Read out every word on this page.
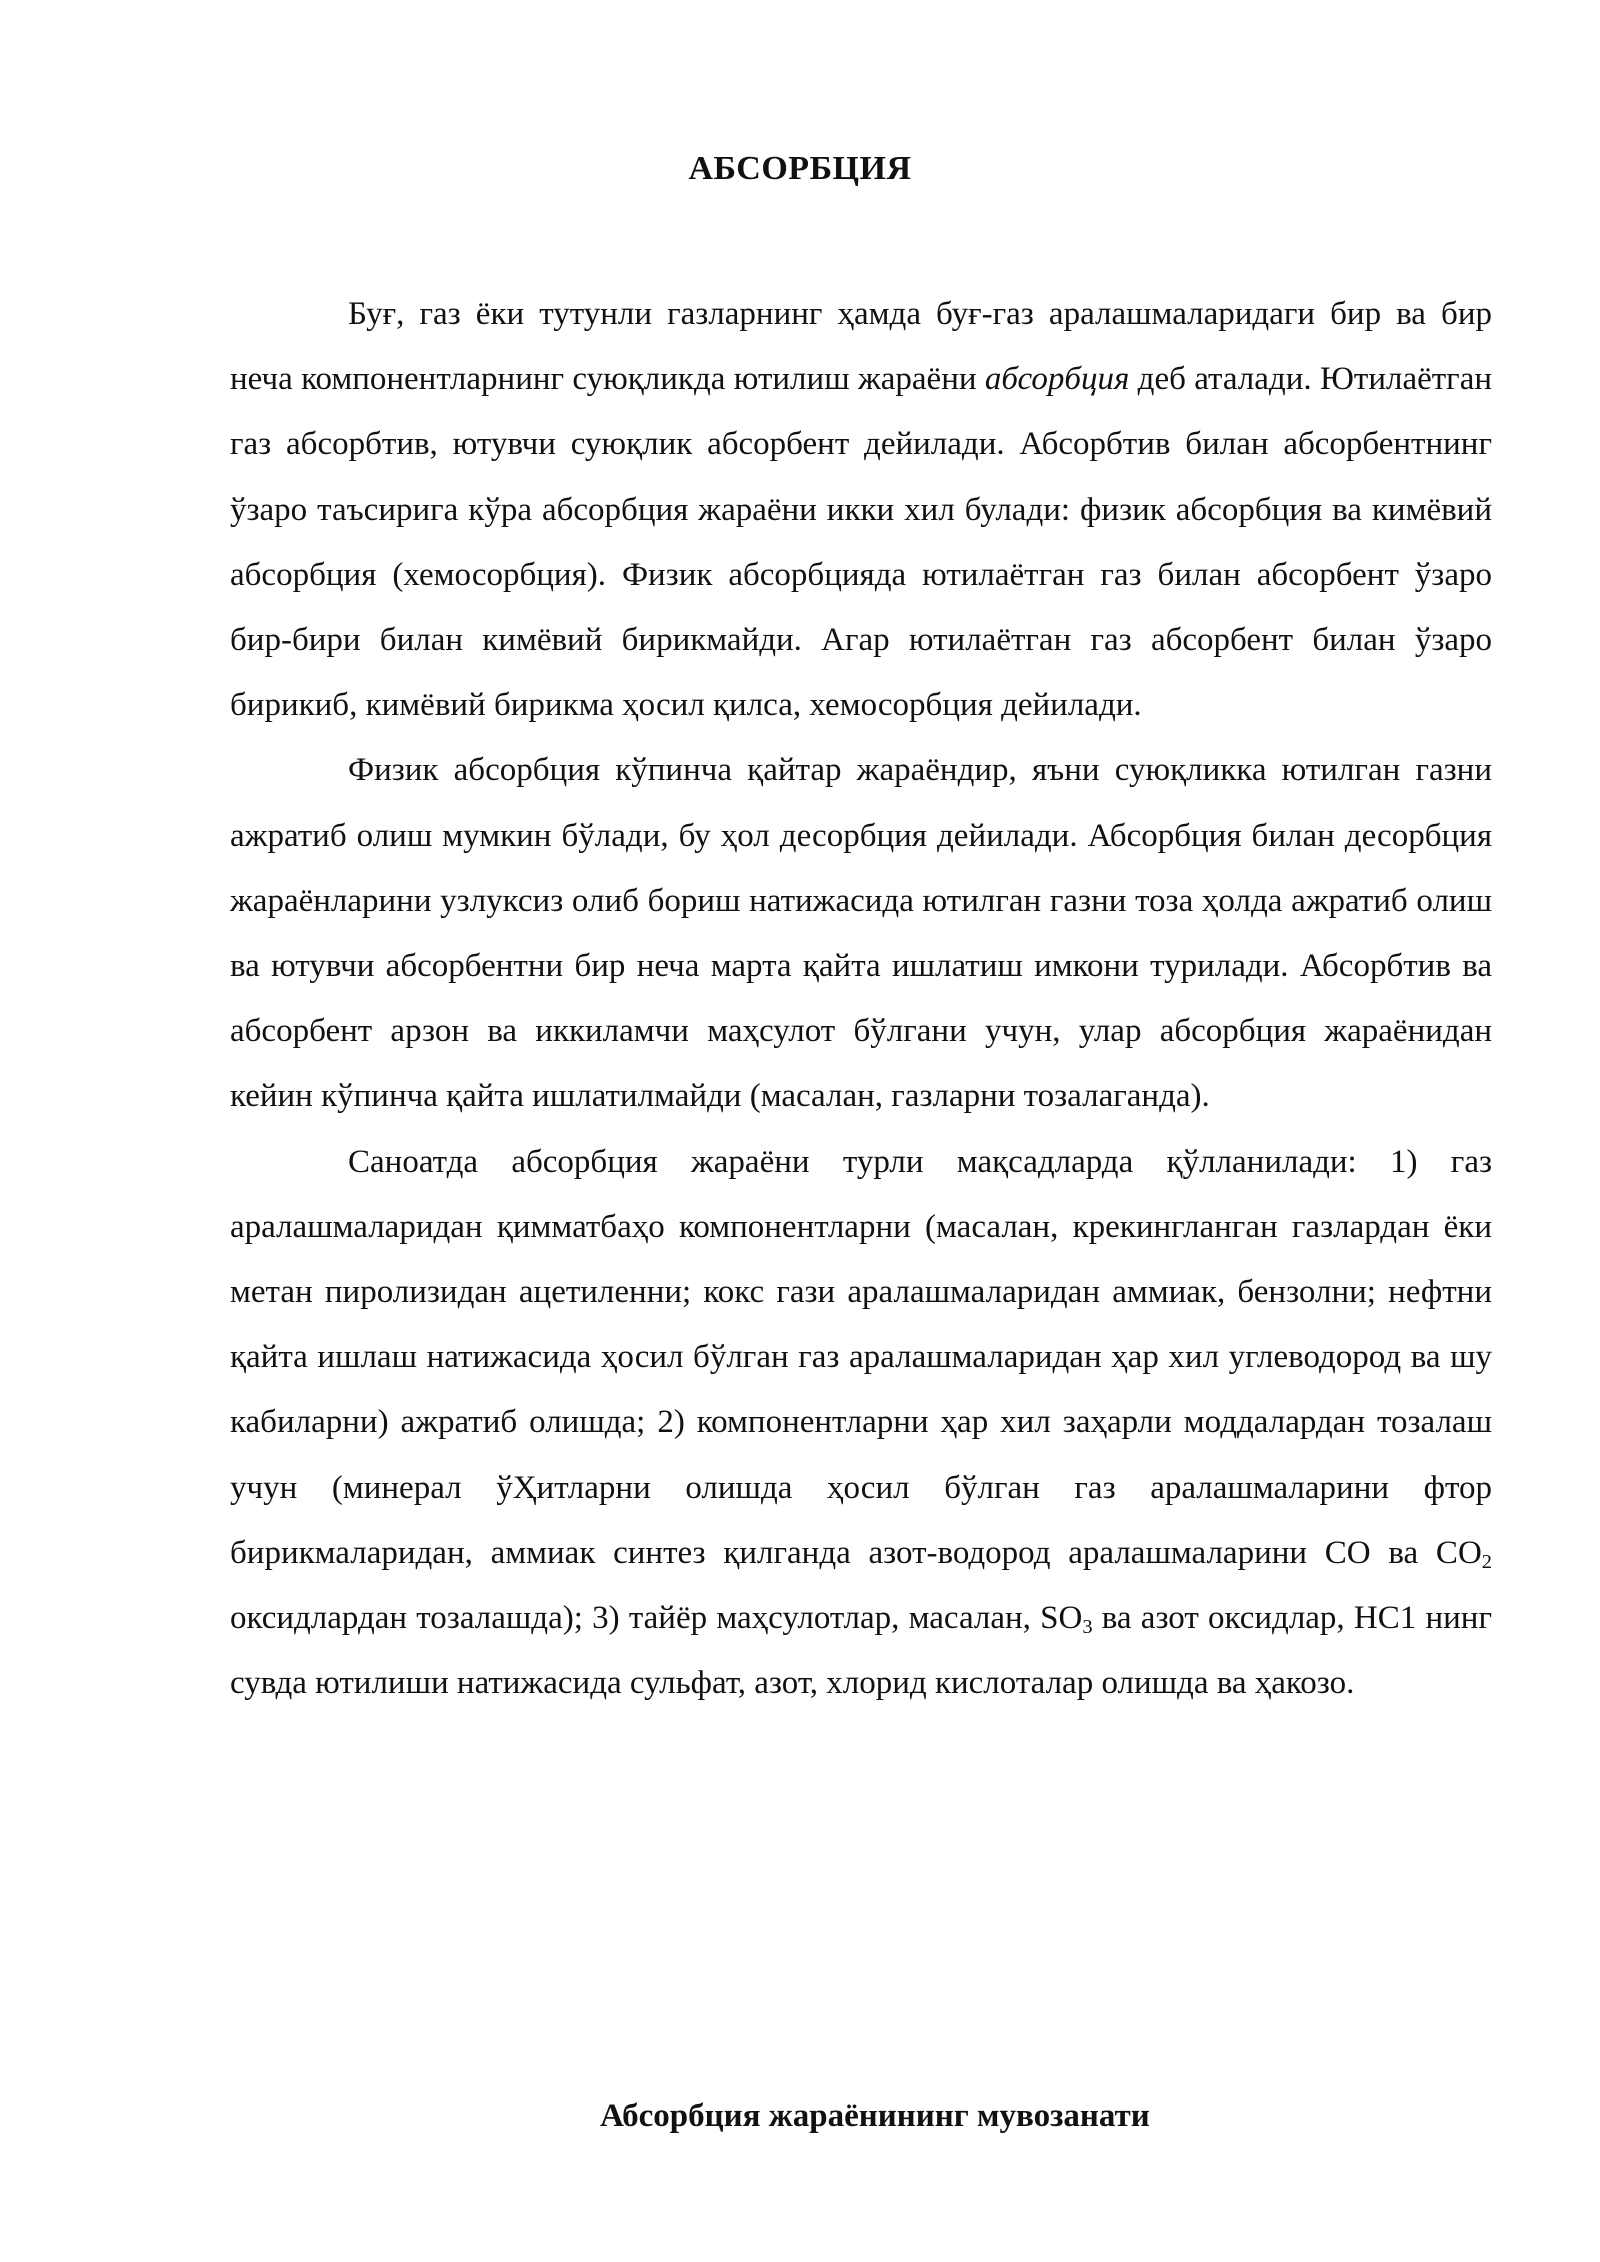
АБСОРБЦИЯ

Буғ, газ ёки тутунли газларнинг ҳамда буғ-газ аралашмаларидаги бир ва бир неча компонентларнинг суюқликда ютилиш жараёни абсорбция деб аталади. Ютилаётган газ абсорбтив, ютувчи суюқлик абсорбент дейилади. Абсорбтив билан абсорбентнинг ўзаро таъсирига кўра абсорбция жараёни икки хил булади: физик абсорбция ва кимёвий абсорбция (хемосорбция). Физик абсорбцияда ютилаётган газ билан абсорбент ўзаро бир-бири билан кимёвий бирикмайди. Агар ютилаётган газ абсорбент билан ўзаро бирикиб, кимёвий бирикма ҳосил қилса, хемосорбция дейилади.

Физик абсорбция кўпинча қайтар жараёндир, яъни суюқликка ютилган газни ажратиб олиш мумкин бўлади, бу ҳол десорбция дейилади. Абсорбция билан десорбция жараёнларини узлуксиз олиб бориш натижасида ютилган газни тоза ҳолда ажратиб олиш ва ютувчи абсорбентни бир неча марта қайта ишлатиш имкони турилади. Абсорбтив ва абсорбент арзон ва иккиламчи маҳсулот бўлгани учун, улар абсорбция жараёнидан кейин кўпинча қайта ишлатилмайди (масалан, газларни тозалаганда).

Саноатда абсорбция жараёни турли мақсадларда қўлланилади: 1) газ аралашмаларидан қимматбаҳо компонентларни (масалан, крекингланган газлардан ёки метан пиролизидан ацетиленни; кокс гази аралашмаларидан аммиак, бензолни; нефтни қайта ишлаш натижасида ҳосил бўлган газ аралашмаларидан ҳар хил углеводород ва шу кабиларни) ажратиб олишда; 2) компонентларни ҳар хил заҳарли моддалардан тозалаш учун (минерал ўҲитларни олишда ҳосил бўлган газ аралашмаларини фтор бирикмаларидан, аммиак синтез қилганда азот-водород аралашмаларини СО ва $СО_2$ оксидлардан тозалашда); 3) тайёр маҳсулотлар, масалан, $SО_3$ ва азот оксидлар, НС1 нинг сувда ютилиши натижасида сульфат, азот, хлорид кислоталар олишда ва ҳакозо.

Абсорбция жараёнининг мувозанати
